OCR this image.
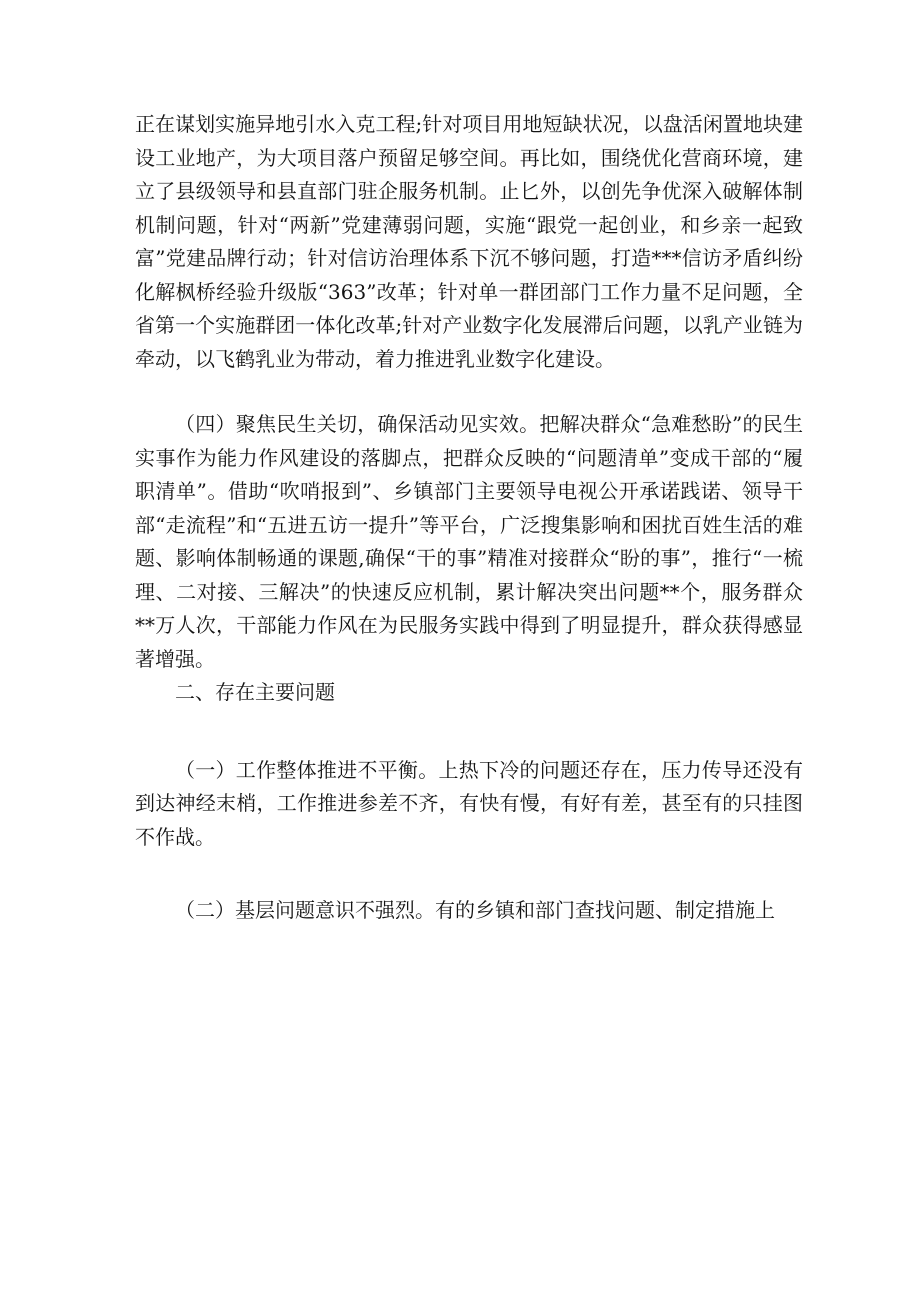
正在谋划实施异地引水入克工程;针对项目用地短缺状况，以盘活闲置地块建设工业地产，为大项目落户预留足够空间。再比如，围绕优化营商环境，建立了县级领导和县直部门驻企服务机制。止匕外，以创先争优深入破解体制机制问题，针对“两新”党建薄弱问题，实施“跟党一起创业，和乡亲一起致富”党建品牌行动；针对信访治理体系下沉不够问题，打造***信访矛盾纠纷化解枫桥经验升级版“363”改革；针对单一群团部门工作力量不足问题，全省第一个实施群团一体化改革;针对产业数字化发展滞后问题，以乳产业链为牵动，以飞鹤乳业为带动，着力推进乳业数字化建设。

（四）聚焦民生关切，确保活动见实效。把解决群众“急难愁盼”的民生实事作为能力作风建设的落脚点，把群众反映的“问题清单”变成干部的“履职清单”。借助“吹哨报到”、乡镇部门主要领导电视公开承诺践诺、领导干部“走流程”和“五进五访一提升”等平台，广泛搜集影响和困扰百姓生活的难题、影响体制畅通的课题,确保“干的事”精准对接群众“盼的事”，推行“一梳理、二对接、三解决”的快速反应机制，累计解决突出问题**个，服务群众**万人次，干部能力作风在为民服务实践中得到了明显提升，群众获得感显著增强。

二、存在主要问题

（一）工作整体推进不平衡。上热下冷的问题还存在，压力传导还没有到达神经末梢，工作推进参差不齐，有快有慢，有好有差，甚至有的只挂图不作战。

（二）基层问题意识不强烈。有的乡镇和部门查找问题、制定措施上
